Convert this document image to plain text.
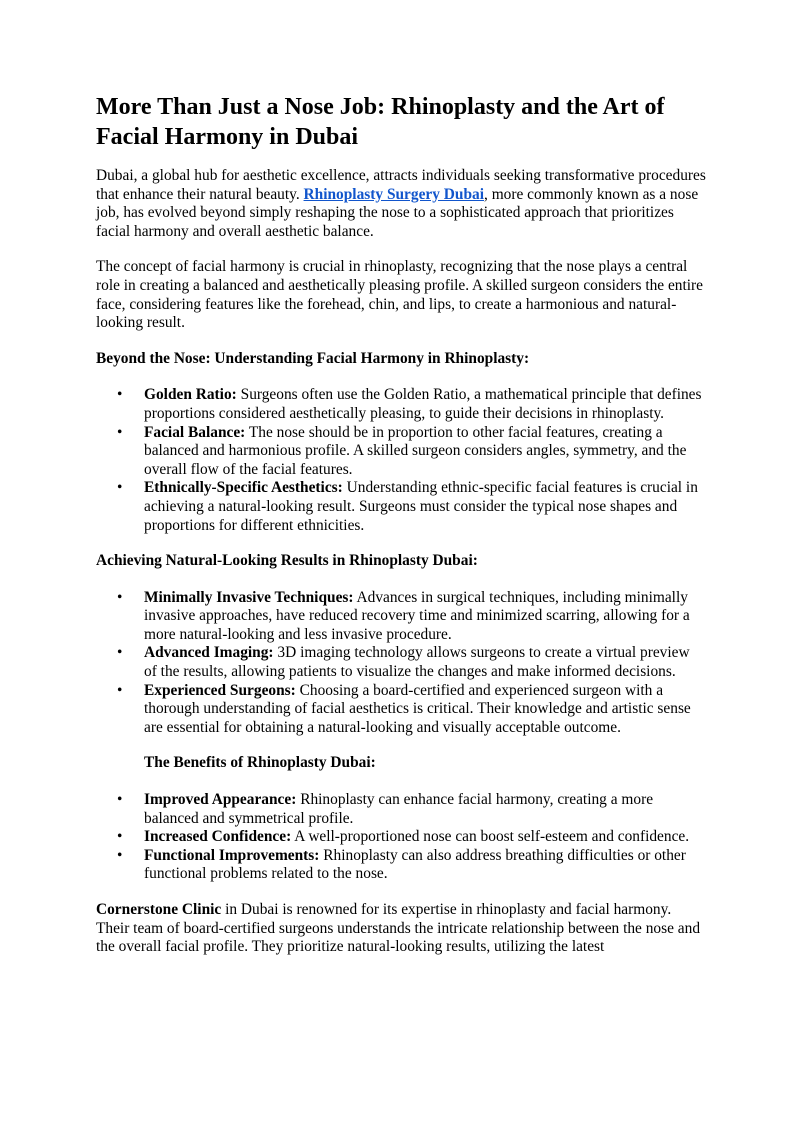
More Than Just a Nose Job: Rhinoplasty and the Art of Facial Harmony in Dubai

Dubai, a global hub for aesthetic excellence, attracts individuals seeking transformative procedures that enhance their natural beauty. Rhinoplasty Surgery Dubai, more commonly known as a nose job, has evolved beyond simply reshaping the nose to a sophisticated approach that prioritizes facial harmony and overall aesthetic balance.

The concept of facial harmony is crucial in rhinoplasty, recognizing that the nose plays a central role in creating a balanced and aesthetically pleasing profile. A skilled surgeon considers the entire face, considering features like the forehead, chin, and lips, to create a harmonious and natural-looking result.

Beyond the Nose: Understanding Facial Harmony in Rhinoplasty:
• Golden Ratio: Surgeons often use the Golden Ratio, a mathematical principle that defines proportions considered aesthetically pleasing, to guide their decisions in rhinoplasty.
• Facial Balance: The nose should be in proportion to other facial features, creating a balanced and harmonious profile. A skilled surgeon considers angles, symmetry, and the overall flow of the facial features.
• Ethnically-Specific Aesthetics: Understanding ethnic-specific facial features is crucial in achieving a natural-looking result. Surgeons must consider the typical nose shapes and proportions for different ethnicities.
Achieving Natural-Looking Results in Rhinoplasty Dubai:
• Minimally Invasive Techniques: Advances in surgical techniques, including minimally invasive approaches, have reduced recovery time and minimized scarring, allowing for a more natural-looking and less invasive procedure.
• Advanced Imaging: 3D imaging technology allows surgeons to create a virtual preview of the results, allowing patients to visualize the changes and make informed decisions.
• Experienced Surgeons: Choosing a board-certified and experienced surgeon with a thorough understanding of facial aesthetics is critical. Their knowledge and artistic sense are essential for obtaining a natural-looking and visually acceptable outcome.
The Benefits of Rhinoplasty Dubai:
• Improved Appearance: Rhinoplasty can enhance facial harmony, creating a more balanced and symmetrical profile.
• Increased Confidence: A well-proportioned nose can boost self-esteem and confidence.
• Functional Improvements: Rhinoplasty can also address breathing difficulties or other functional problems related to the nose.

Cornerstone Clinic in Dubai is renowned for its expertise in rhinoplasty and facial harmony. Their team of board-certified surgeons understands the intricate relationship between the nose and the overall facial profile. They prioritize natural-looking results, utilizing the latest
